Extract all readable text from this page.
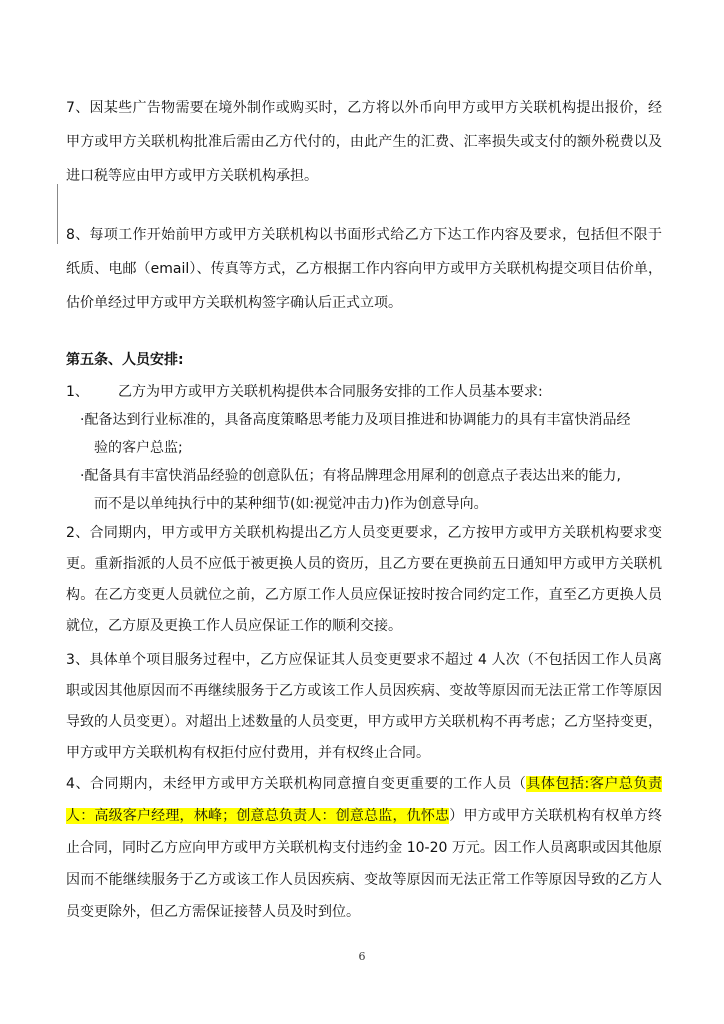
7、因某些广告物需要在境外制作或购买时，乙方将以外币向甲方或甲方关联机构提出报价，经甲方或甲方关联机构批准后需由乙方代付的，由此产生的汇费、汇率损失或支付的额外税费以及进口税等应由甲方或甲方关联机构承担。

8、每项工作开始前甲方或甲方关联机构以书面形式给乙方下达工作内容及要求，包括但不限于纸质、电邮（email）、传真等方式，乙方根据工作内容向甲方或甲方关联机构提交项目估价单，估价单经过甲方或甲方关联机构签字确认后正式立项。

第五条、人员安排:

1、 乙方为甲方或甲方关联机构提供本合同服务安排的工作人员基本要求:

·配备达到行业标准的，具备高度策略思考能力及项目推进和协调能力的具有丰富快消品经

验的客户总监;

·配备具有丰富快消品经验的创意队伍；有将品牌理念用犀利的创意点子表达出来的能力,

而不是以单纯执行中的某种细节(如:视觉冲击力)作为创意导向。

2、合同期内，甲方或甲方关联机构提出乙方人员变更要求，乙方按甲方或甲方关联机构要求变更。重新指派的人员不应低于被更换人员的资历，且乙方要在更换前五日通知甲方或甲方关联机构。在乙方变更人员就位之前，乙方原工作人员应保证按时按合同约定工作，直至乙方更换人员就位，乙方原及更换工作人员应保证工作的顺利交接。

3、具体单个项目服务过程中，乙方应保证其人员变更要求不超过 4 人次（不包括因工作人员离职或因其他原因而不再继续服务于乙方或该工作人员因疾病、变故等原因而无法正常工作等原因导致的人员变更）。对超出上述数量的人员变更，甲方或甲方关联机构不再考虑；乙方坚持变更，甲方或甲方关联机构有权拒付应付费用，并有权终止合同。

4、合同期内，未经甲方或甲方关联机构同意擅自变更重要的工作人员（具体包括:客户总负责人：高级客户经理，林峰；创意总负责人：创意总监，仇怀忠）甲方或甲方关联机构有权单方终止合同，同时乙方应向甲方或甲方关联机构支付违约金 10-20 万元。因工作人员离职或因其他原因而不能继续服务于乙方或该工作人员因疾病、变故等原因而无法正常工作等原因导致的乙方人员变更除外，但乙方需保证接替人员及时到位。

6
